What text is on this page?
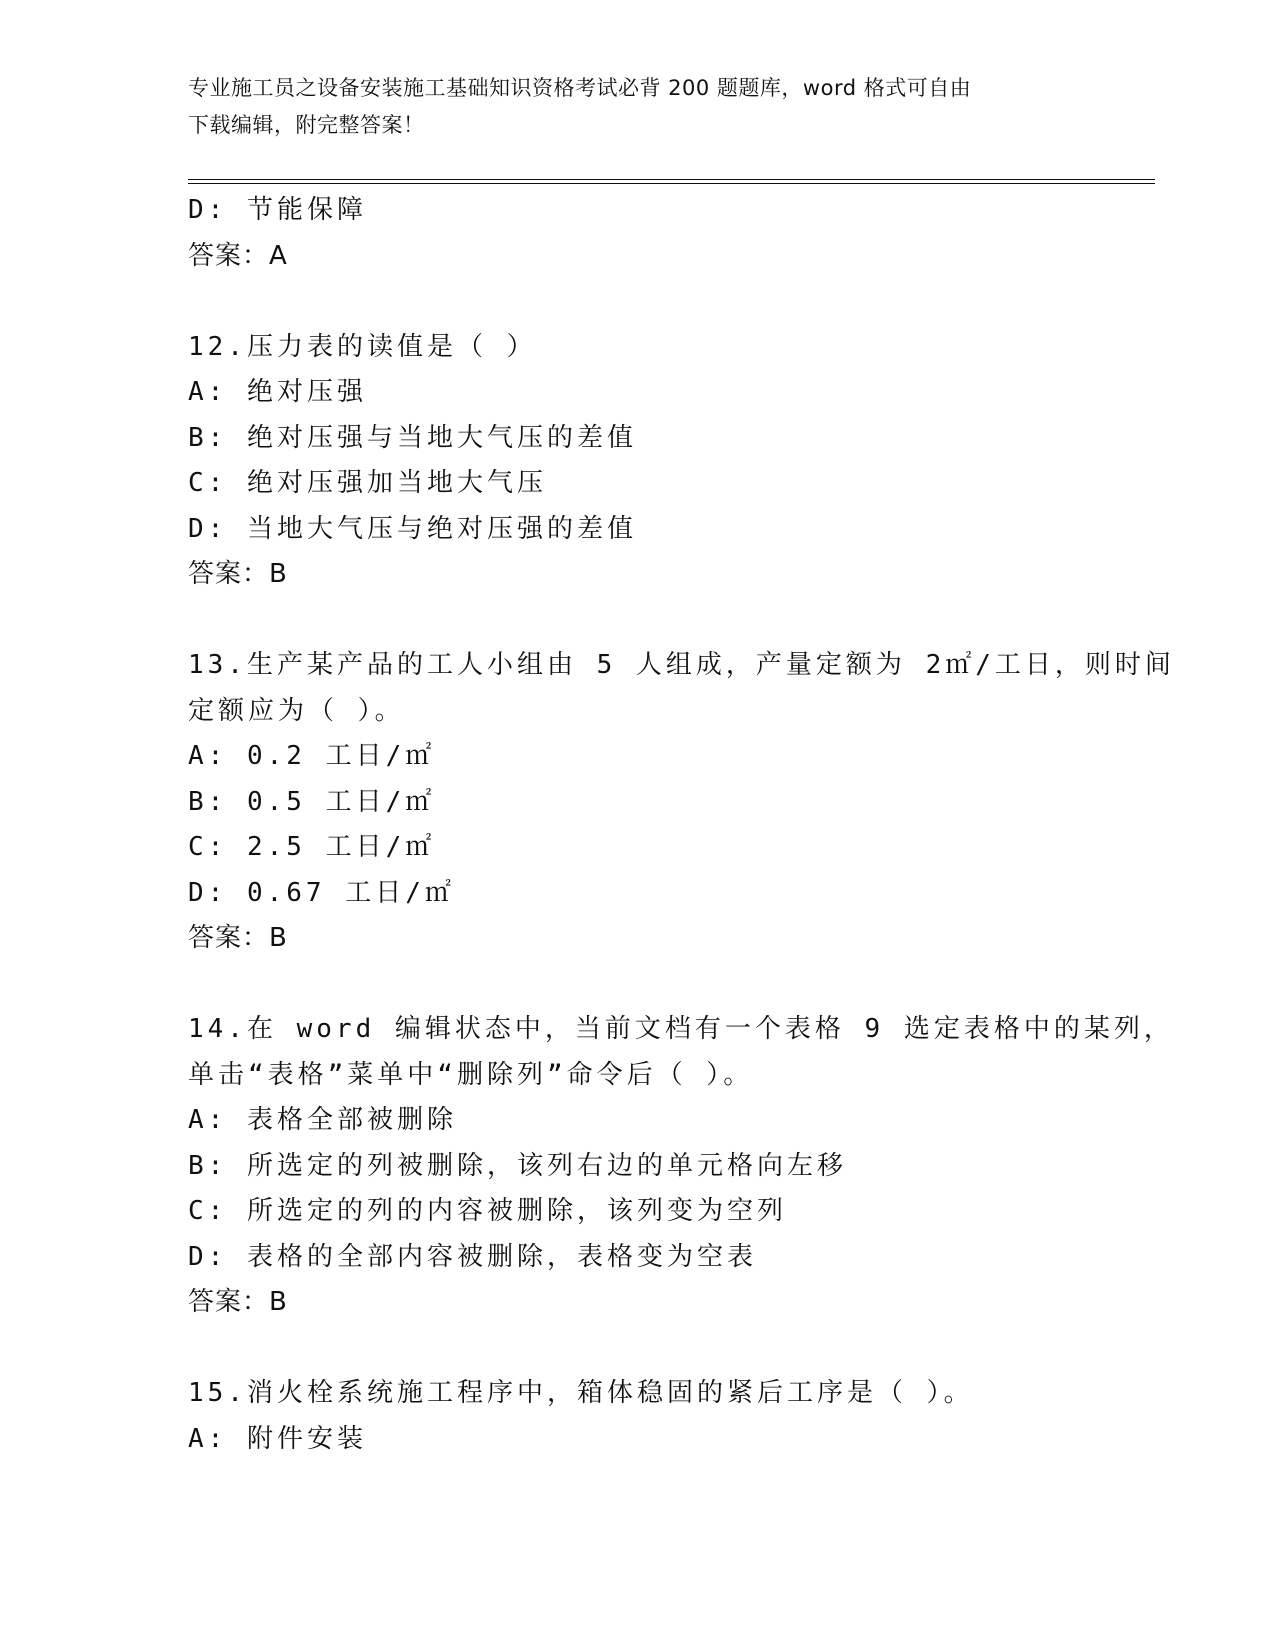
专业施工员之设备安装施工基础知识资格考试必背 200 题题库，word 格式可自由
下载编辑，附完整答案！
D: 节能保障
答案：A
12.压力表的读值是（ ）
A: 绝对压强
B: 绝对压强与当地大气压的差值
C: 绝对压强加当地大气压
D: 当地大气压与绝对压强的差值
答案：B
13.生产某产品的工人小组由 5 人组成，产量定额为 2㎡/工日，则时间
定额应为（ ）。
A: 0.2 工日/㎡
B: 0.5 工日/㎡
C: 2.5 工日/㎡
D: 0.67 工日/㎡
答案：B
14.在 word 编辑状态中，当前文档有一个表格 9 选定表格中的某列，
单击“表格”菜单中“删除列”命令后（ ）。
A: 表格全部被删除
B: 所选定的列被删除，该列右边的单元格向左移
C: 所选定的列的内容被删除，该列变为空列
D: 表格的全部内容被删除，表格变为空表
答案：B
15.消火栓系统施工程序中，箱体稳固的紧后工序是（ ）。
A: 附件安装
